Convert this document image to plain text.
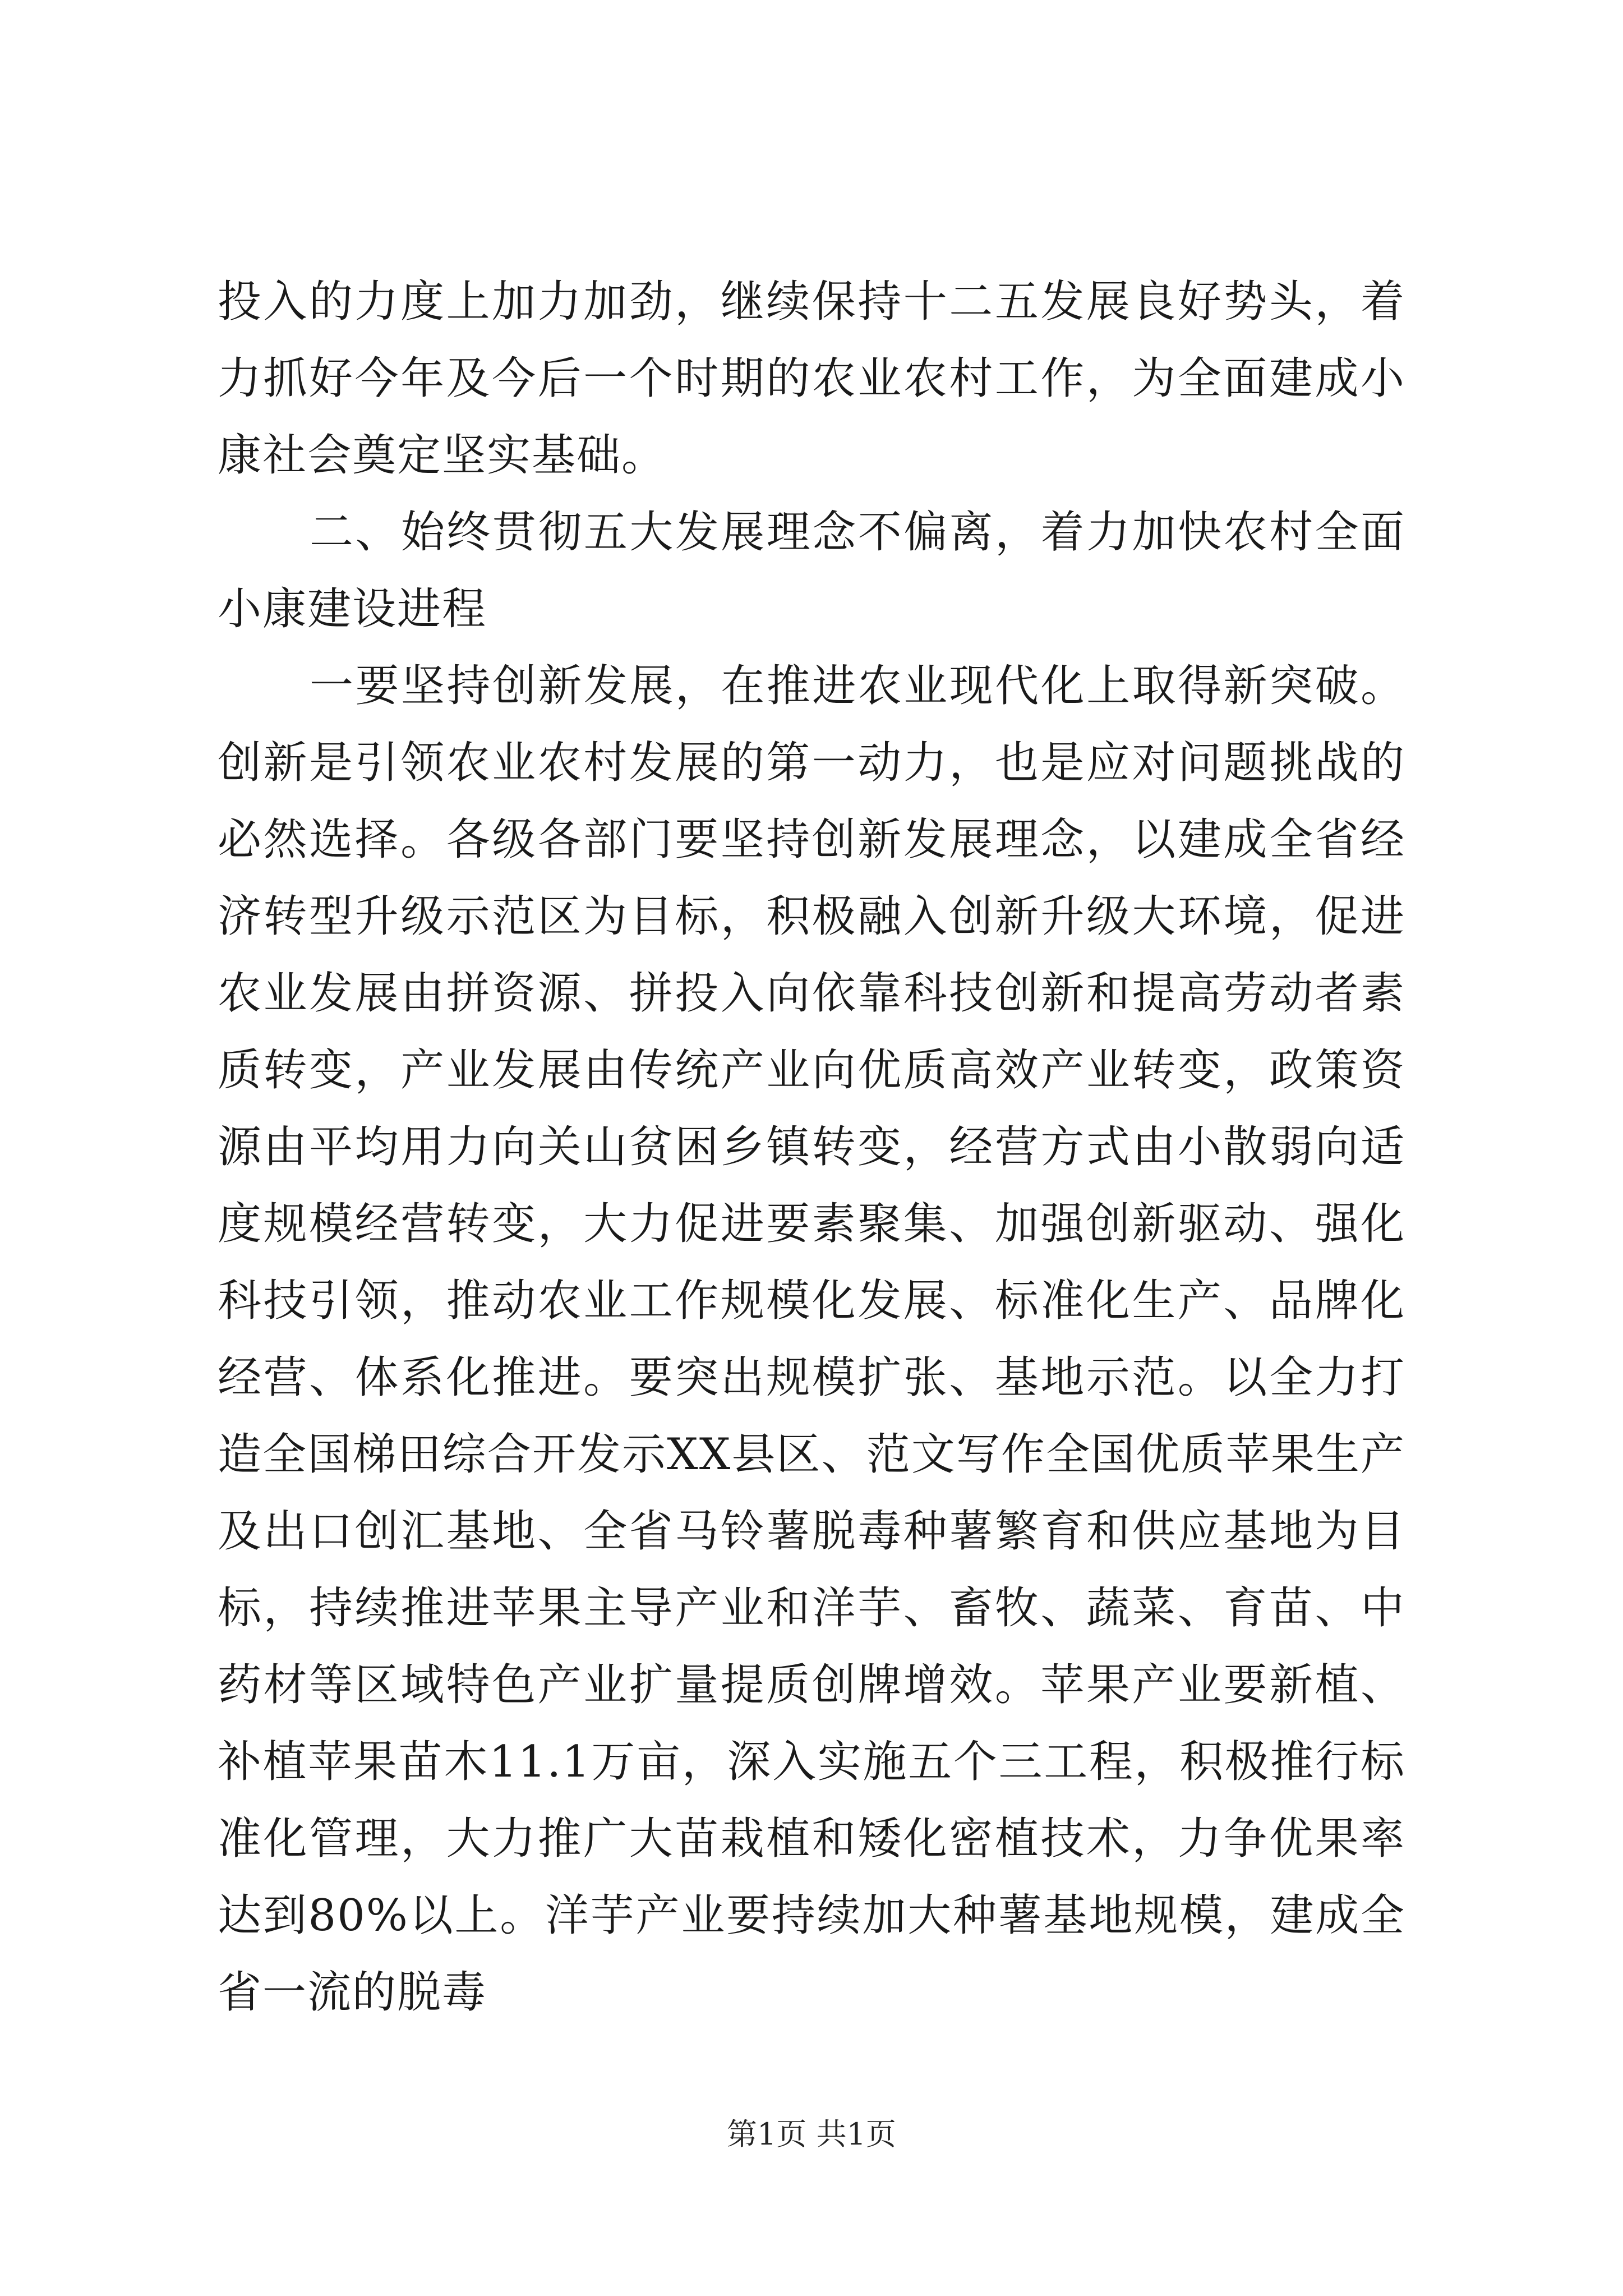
投入的力度上加力加劲，继续保持十二五发展良好势头，着力抓好今年及今后一个时期的农业农村工作，为全面建成小康社会奠定坚实基础。

二、始终贯彻五大发展理念不偏离，着力加快农村全面小康建设进程

一要坚持创新发展，在推进农业现代化上取得新突破。创新是引领农业农村发展的第一动力，也是应对问题挑战的必然选择。各级各部门要坚持创新发展理念，以建成全省经济转型升级示范区为目标，积极融入创新升级大环境，促进农业发展由拼资源、拼投入向依靠科技创新和提高劳动者素质转变，产业发展由传统产业向优质高效产业转变，政策资源由平均用力向关山贫困乡镇转变，经营方式由小散弱向适度规模经营转变，大力促进要素聚集、加强创新驱动、强化科技引领，推动农业工作规模化发展、标准化生产、品牌化经营、体系化推进。要突出规模扩张、基地示范。以全力打造全国梯田综合开发示XX县区、范文写作全国优质苹果生产及出口创汇基地、全省马铃薯脱毒种薯繁育和供应基地为目标，持续推进苹果主导产业和洋芋、畜牧、蔬菜、育苗、中药材等区域特色产业扩量提质创牌增效。苹果产业要新植、补植苹果苗木11.1万亩，深入实施五个三工程，积极推行标准化管理，大力推广大苗栽植和矮化密植技术，力争优果率达到80%以上。洋芋产业要持续加大种薯基地规模，建成全省一流的脱毒

第1页 共1页
